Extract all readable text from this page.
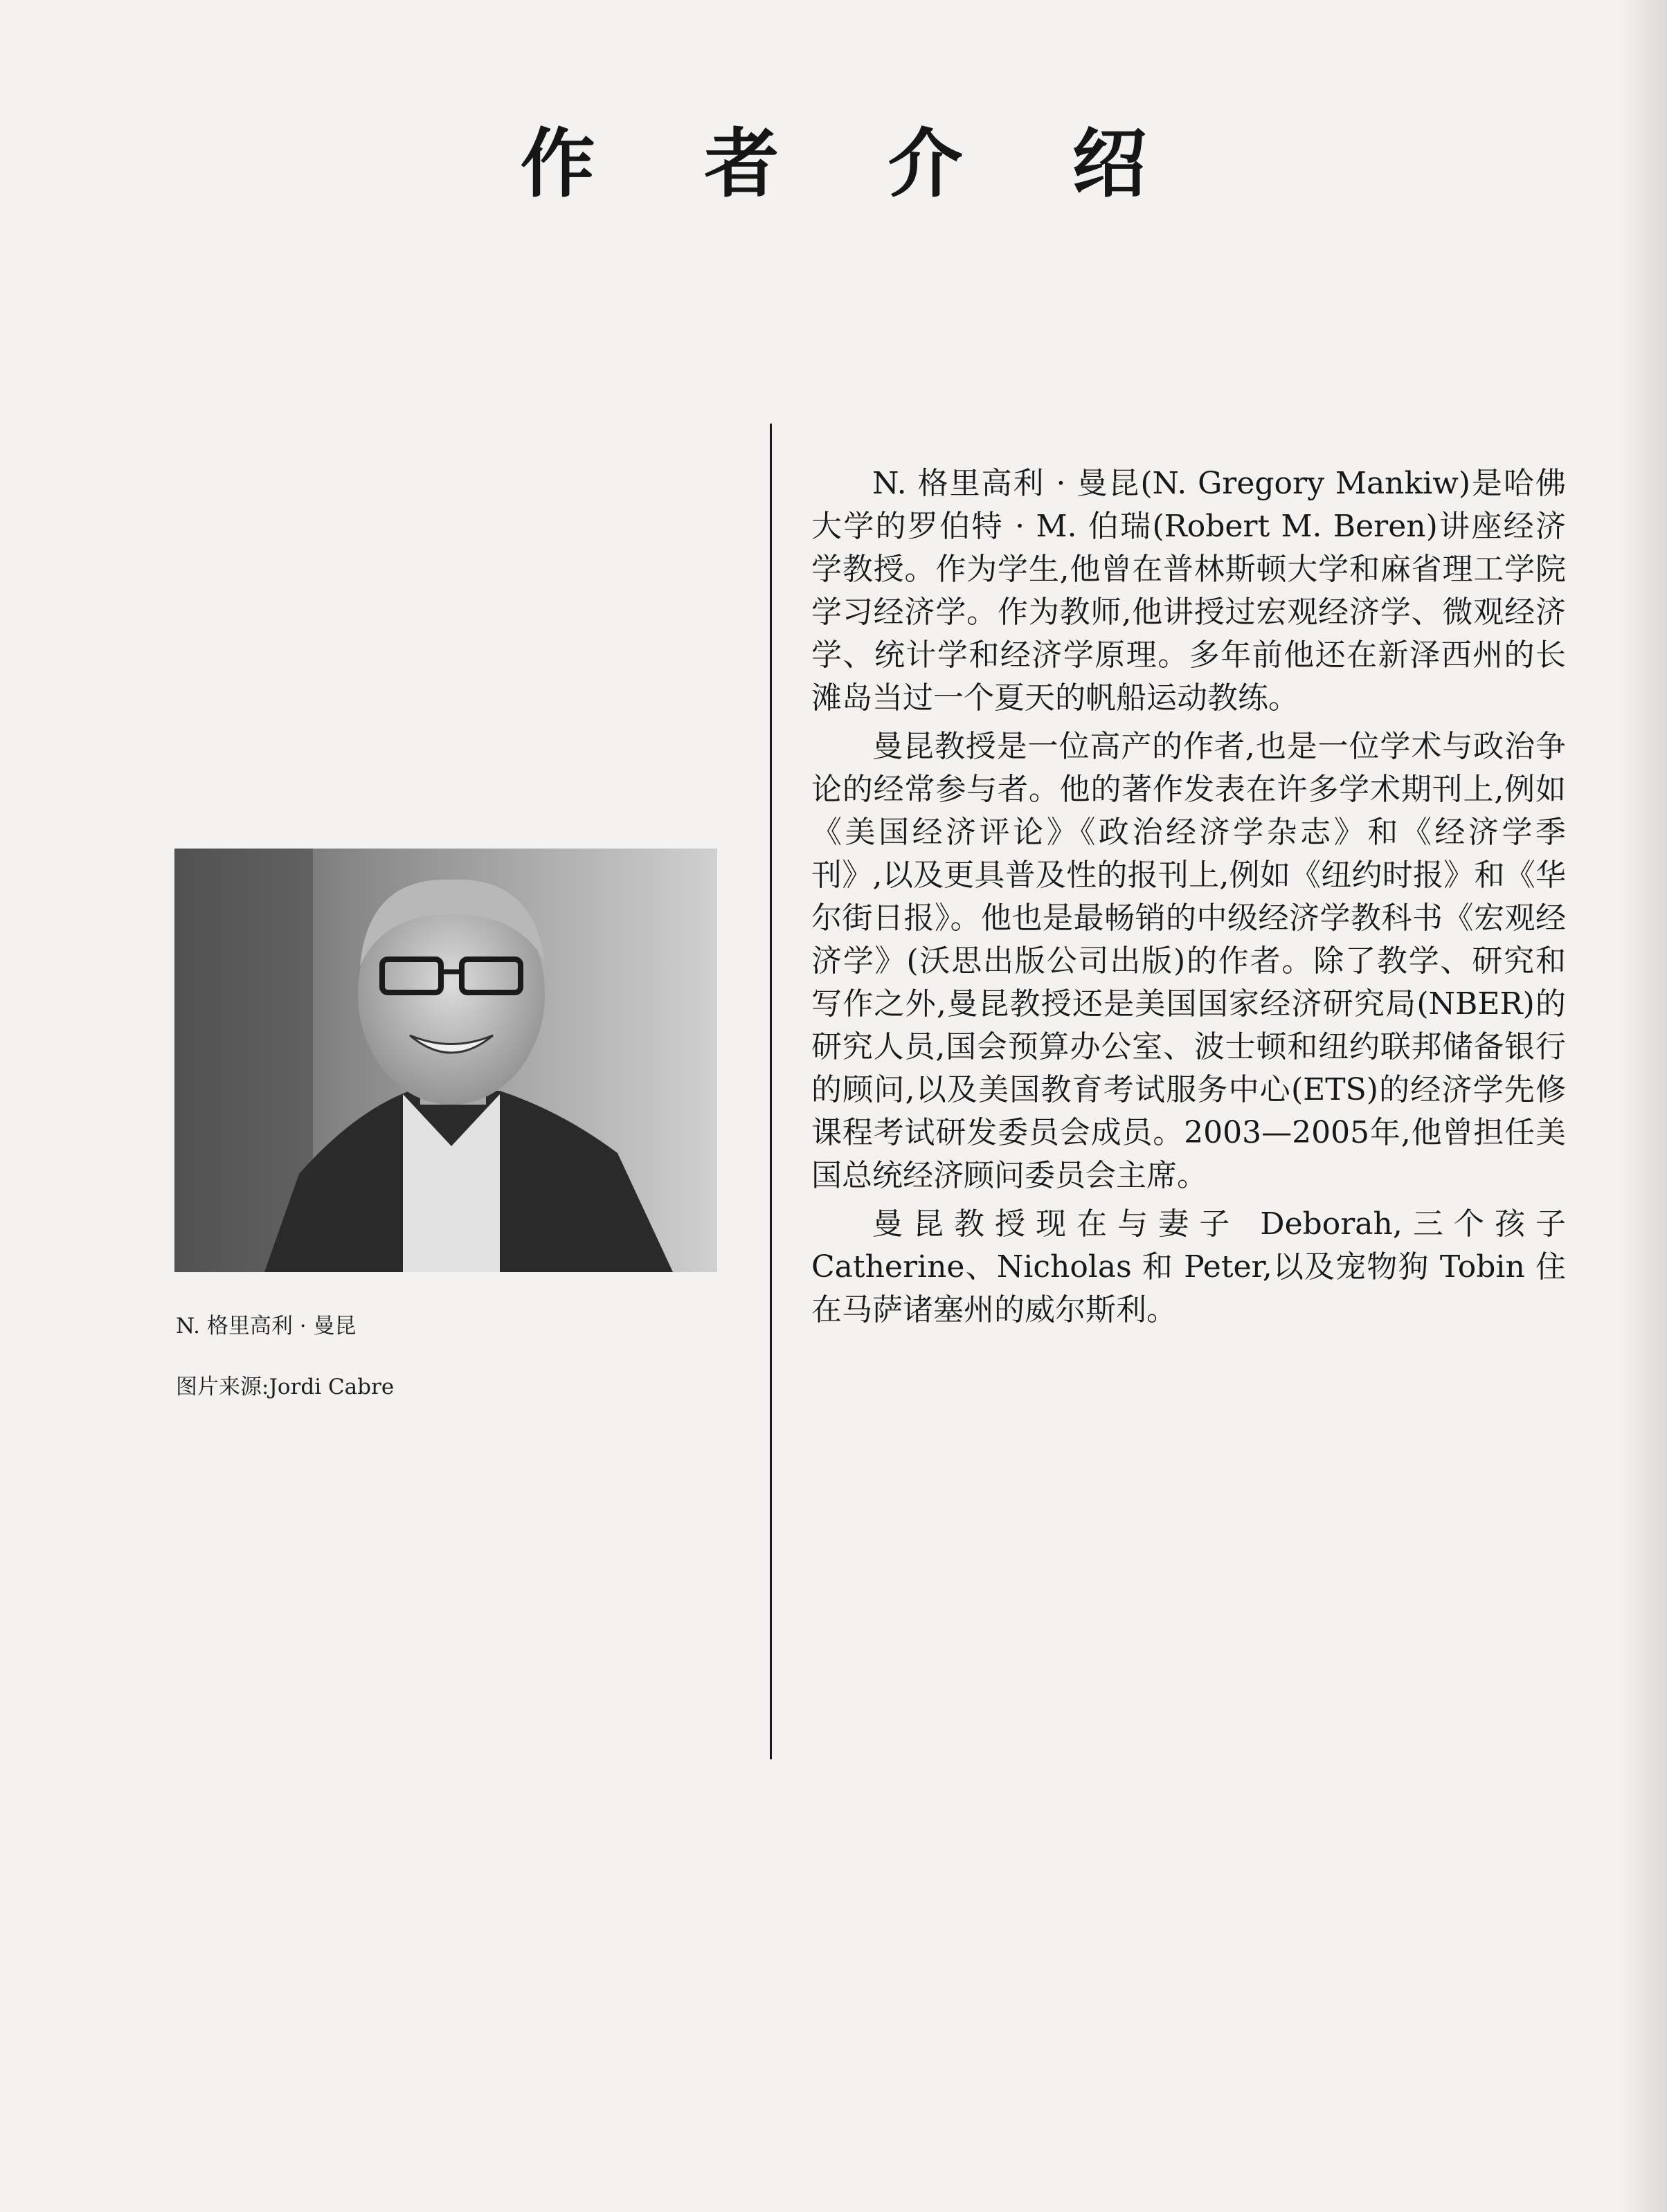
作 者 介 绍

N. 格里高利 · 曼昆

图片来源:Jordi Cabre

N. 格里高利 · 曼昆(N. Gregory Mankiw)是哈佛大学的罗伯特 · M. 伯瑞(Robert M. Beren)讲座经济学教授。作为学生,他曾在普林斯顿大学和麻省理工学院学习经济学。作为教师,他讲授过宏观经济学、微观经济学、统计学和经济学原理。多年前他还在新泽西州的长滩岛当过一个夏天的帆船运动教练。

曼昆教授是一位高产的作者,也是一位学术与政治争论的经常参与者。他的著作发表在许多学术期刊上,例如《美国经济评论》《政治经济学杂志》和《经济学季刊》,以及更具普及性的报刊上,例如《纽约时报》和《华尔街日报》。他也是最畅销的中级经济学教科书《宏观经济学》(沃思出版公司出版)的作者。除了教学、研究和写作之外,曼昆教授还是美国国家经济研究局(NBER)的研究人员,国会预算办公室、波士顿和纽约联邦储备银行的顾问,以及美国教育考试服务中心(ETS)的经济学先修课程考试研发委员会成员。2003—2005年,他曾担任美国总统经济顾问委员会主席。

曼昆教授现在与妻子 Deborah,三个孩子 Catherine、Nicholas 和 Peter,以及宠物狗 Tobin 住在马萨诸塞州的威尔斯利。
